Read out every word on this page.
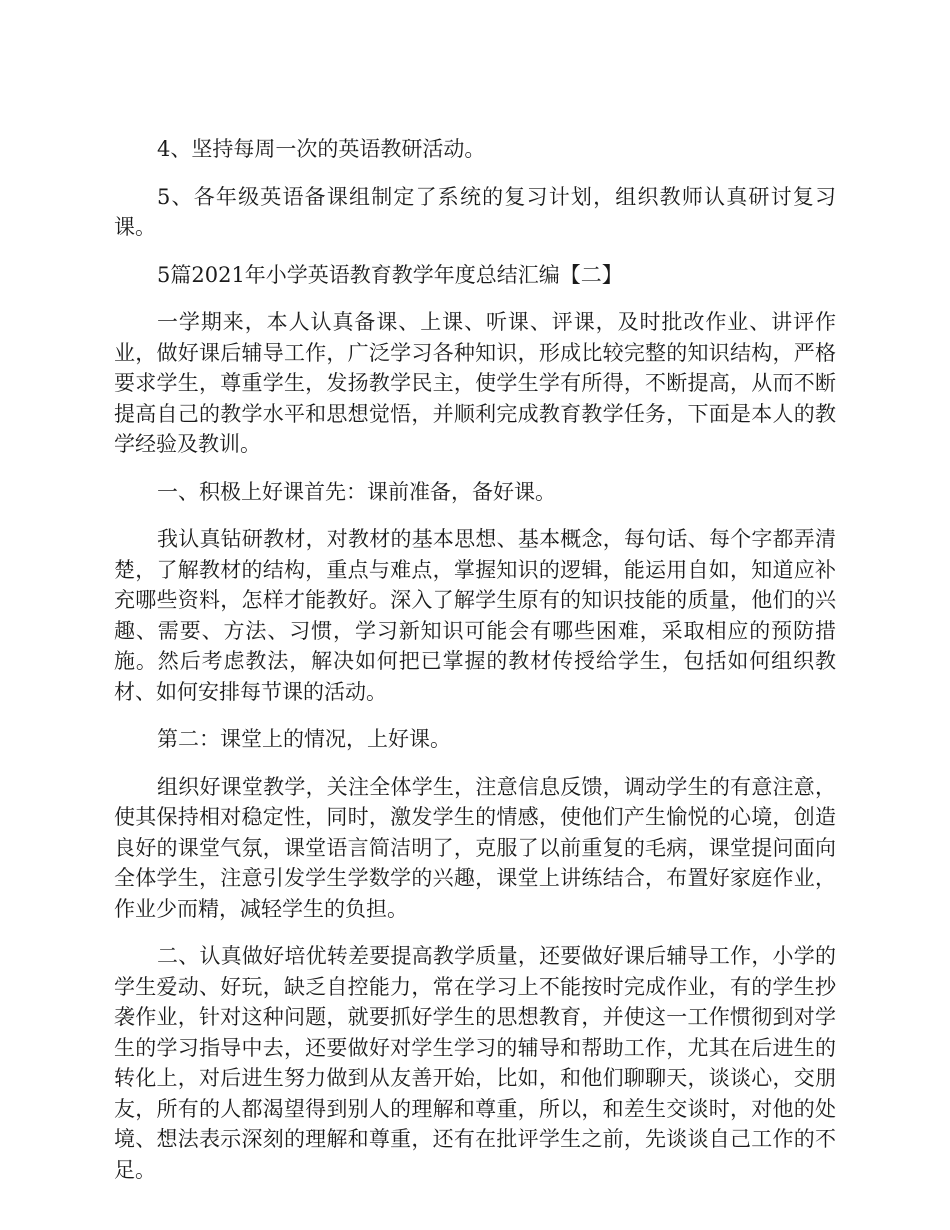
4、坚持每周一次的英语教研活动。

5、各年级英语备课组制定了系统的复习计划，组织教师认真研讨复习课。

5篇2021年小学英语教育教学年度总结汇编【二】

一学期来，本人认真备课、上课、听课、评课，及时批改作业、讲评作业，做好课后辅导工作，广泛学习各种知识，形成比较完整的知识结构，严格要求学生，尊重学生，发扬教学民主，使学生学有所得，不断提高，从而不断提高自己的教学水平和思想觉悟，并顺利完成教育教学任务，下面是本人的教学经验及教训。

一、积极上好课首先：课前准备，备好课。

我认真钻研教材，对教材的基本思想、基本概念，每句话、每个字都弄清楚，了解教材的结构，重点与难点，掌握知识的逻辑，能运用自如，知道应补充哪些资料，怎样才能教好。深入了解学生原有的知识技能的质量，他们的兴趣、需要、方法、习惯，学习新知识可能会有哪些困难，采取相应的预防措施。然后考虑教法，解决如何把已掌握的教材传授给学生，包括如何组织教材、如何安排每节课的活动。

第二：课堂上的情况，上好课。

组织好课堂教学，关注全体学生，注意信息反馈，调动学生的有意注意，使其保持相对稳定性，同时，激发学生的情感，使他们产生愉悦的心境，创造良好的课堂气氛，课堂语言简洁明了，克服了以前重复的毛病，课堂提问面向全体学生，注意引发学生学数学的兴趣，课堂上讲练结合，布置好家庭作业，作业少而精，减轻学生的负担。

二、认真做好培优转差要提高教学质量，还要做好课后辅导工作，小学的学生爱动、好玩，缺乏自控能力，常在学习上不能按时完成作业，有的学生抄袭作业，针对这种问题，就要抓好学生的思想教育，并使这一工作惯彻到对学生的学习指导中去，还要做好对学生学习的辅导和帮助工作，尤其在后进生的转化上，对后进生努力做到从友善开始，比如，和他们聊聊天，谈谈心，交朋友，所有的人都渴望得到别人的理解和尊重，所以，和差生交谈时，对他的处境、想法表示深刻的理解和尊重，还有在批评学生之前，先谈谈自己工作的不足。
